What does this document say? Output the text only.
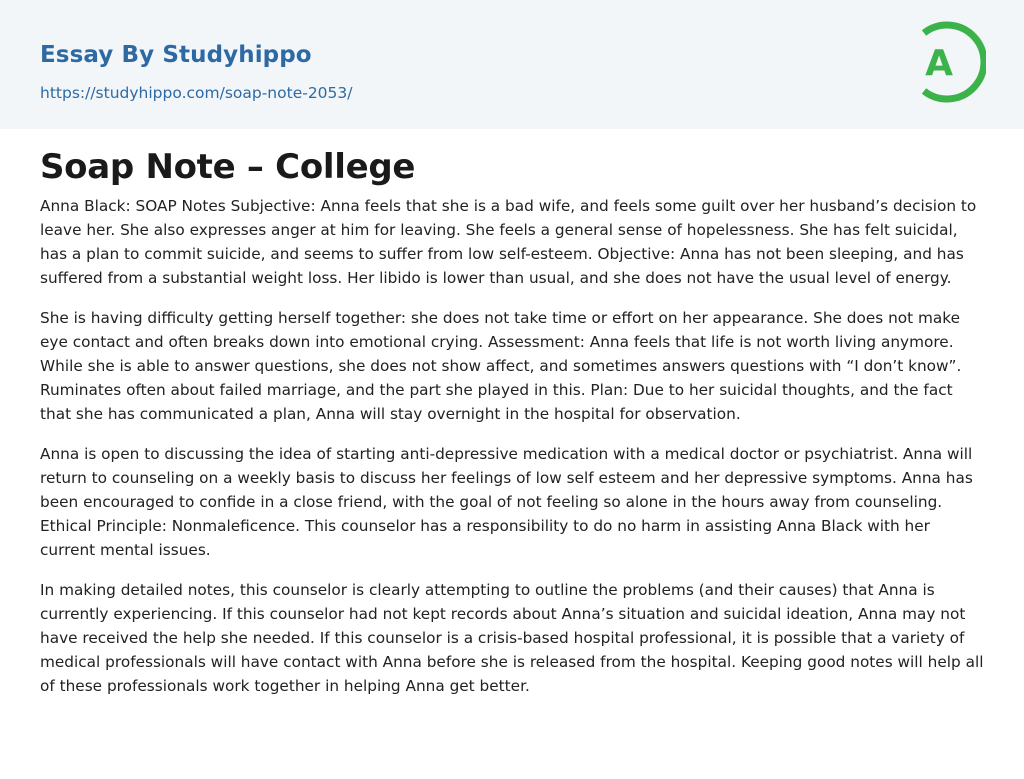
Essay By Studyhippo
https://studyhippo.com/soap-note-2053/
A
Soap Note – College

Anna Black: SOAP Notes Subjective: Anna feels that she is a bad wife, and feels some guilt over her husband’s decision to leave her. She also expresses anger at him for leaving. She feels a general sense of hopelessness. She has felt suicidal, has a plan to commit suicide, and seems to suffer from low self-esteem. Objective: Anna has not been sleeping, and has suffered from a substantial weight loss. Her libido is lower than usual, and she does not have the usual level of energy.

She is having difficulty getting herself together: she does not take time or effort on her appearance. She does not make eye contact and often breaks down into emotional crying. Assessment: Anna feels that life is not worth living anymore. While she is able to answer questions, she does not show affect, and sometimes answers questions with “I don’t know”. Ruminates often about failed marriage, and the part she played in this. Plan: Due to her suicidal thoughts, and the fact that she has communicated a plan, Anna will stay overnight in the hospital for observation.

Anna is open to discussing the idea of starting anti-depressive medication with a medical doctor or psychiatrist. Anna will return to counseling on a weekly basis to discuss her feelings of low self esteem and her depressive symptoms. Anna has been encouraged to confide in a close friend, with the goal of not feeling so alone in the hours away from counseling. Ethical Principle: Nonmaleficence. This counselor has a responsibility to do no harm in assisting Anna Black with her current mental issues.

In making detailed notes, this counselor is clearly attempting to outline the problems (and their causes) that Anna is currently experiencing. If this counselor had not kept records about Anna’s situation and suicidal ideation, Anna may not have received the help she needed. If this counselor is a crisis-based hospital professional, it is possible that a variety of medical professionals will have contact with Anna before she is released from the hospital. Keeping good notes will help all of these professionals work together in helping Anna get better.
